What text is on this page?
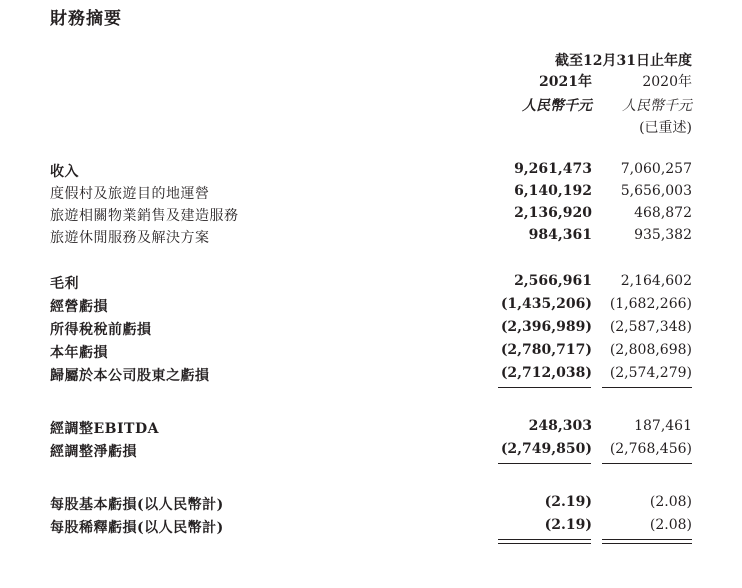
財務摘要
截至12月31日止年度
2021年	2020年
人民幣千元 人民幣千元
(已重述)
收入	9,261,473 7,060,257
度假村及旅遊目的地運營	6,140,192 5,656,003
旅遊相關物業銷售及建造服務	2,136,920	468,872
旅遊休閒服務及解決方案	984,361	935,382
毛利	2,566,961 2,164,602
經營虧損	(1,435,206) (1,682,266)
所得稅稅前虧損	(2,396,989) (2,587,348)
本年虧損	(2,780,717) (2,808,698)
歸屬於本公司股東之虧損	(2,712,038) (2,574,279)
經調整EBITDA	248,303	187,461
經調整淨虧損	(2,749,850) (2,768,456)
每股基本虧損(以人民幣計)	(2.19)	(2.08)
每股稀釋虧損(以人民幣計)	(2.19)	(2.08)
